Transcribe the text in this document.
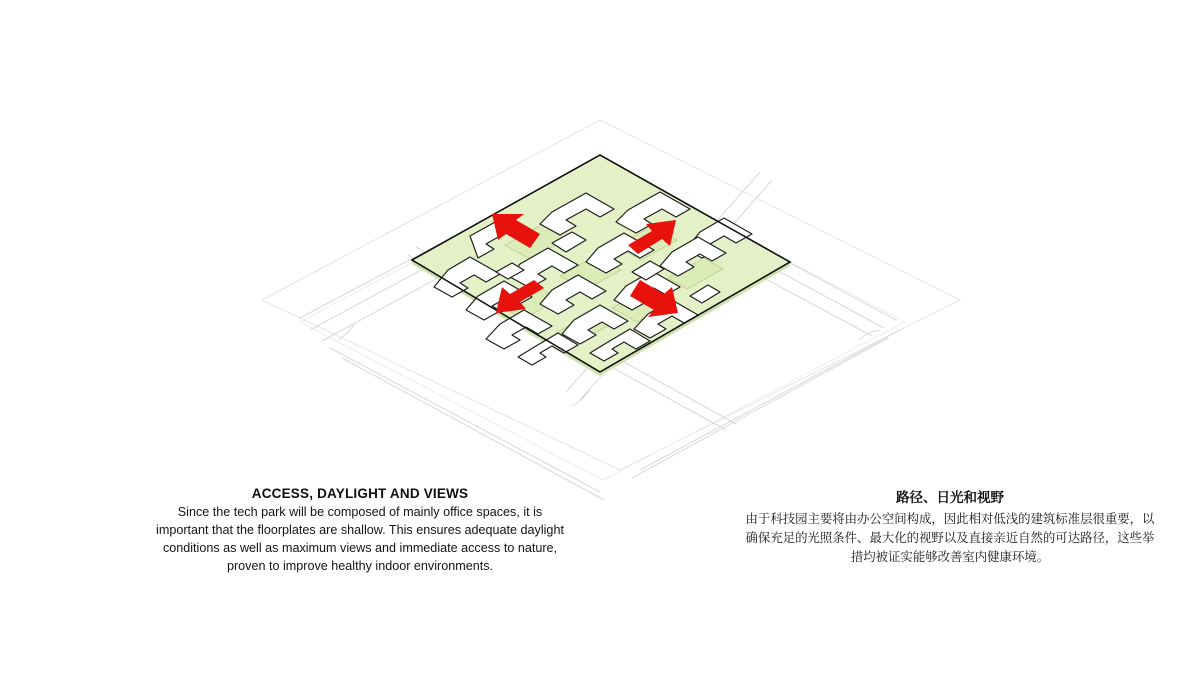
ACCESS, DAYLIGHT AND VIEWS
Since the tech park will be composed of mainly office spaces, it is important that the floorplates are shallow. This ensures adequate daylight conditions as well as maximum views and immediate access to nature, proven to improve healthy indoor environments.
路径、日光和视野
由于科技园主要将由办公空间构成，因此相对低浅的建筑标准层很重要，以确保充足的光照条件、最大化的视野以及直接亲近自然的可达路径，这些举措均被证实能够改善室内健康环境。
